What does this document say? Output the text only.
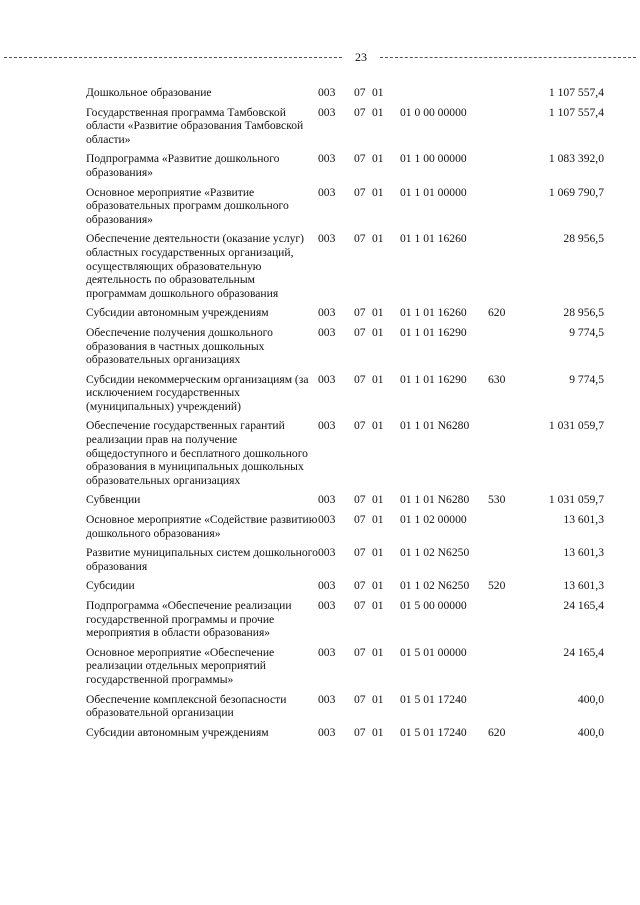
23
Дошкольное образование	003	07	01			1 107 557,4
Государственная программа Тамбовской области «Развитие образования Тамбовской области»	003	07	01	01 0 00 00000		1 107 557,4
Подпрограмма «Развитие дошкольного образования»	003	07	01	01 1 00 00000		1 083 392,0
Основное мероприятие «Развитие образовательных программ дошкольного образования»	003	07	01	01 1 01 00000		1 069 790,7
Обеспечение деятельности (оказание услуг) областных государственных организаций, осуществляющих образовательную деятельность по образовательным программам дошкольного образования	003	07	01	01 1 01 16260		28 956,5
Субсидии автономным учреждениям	003	07	01	01 1 01 16260	620	28 956,5
Обеспечение получения дошкольного образования в частных дошкольных образовательных организациях	003	07	01	01 1 01 16290		9 774,5
Субсидии некоммерческим организациям (за исключением государственных (муниципальных) учреждений)	003	07	01	01 1 01 16290	630	9 774,5
Обеспечение государственных гарантий реализации прав на получение общедоступного и бесплатного дошкольного образования в муниципальных дошкольных образовательных организациях	003	07	01	01 1 01 N6280		1 031 059,7
Субвенции	003	07	01	01 1 01 N6280	530	1 031 059,7
Основное мероприятие «Содействие развитию дошкольного образования»	003	07	01	01 1 02 00000		13 601,3
Развитие муниципальных систем дошкольного образования	003	07	01	01 1 02 N6250		13 601,3
Субсидии	003	07	01	01 1 02 N6250	520	13 601,3
Подпрограмма «Обеспечение реализации государственной программы и прочие мероприятия в области образования»	003	07	01	01 5 00 00000		24 165,4
Основное мероприятие «Обеспечение реализации отдельных мероприятий государственной программы»	003	07	01	01 5 01 00000		24 165,4
Обеспечение комплексной безопасности образовательной организации	003	07	01	01 5 01 17240		400,0
Субсидии автономным учреждениям	003	07	01	01 5 01 17240	620	400,0
